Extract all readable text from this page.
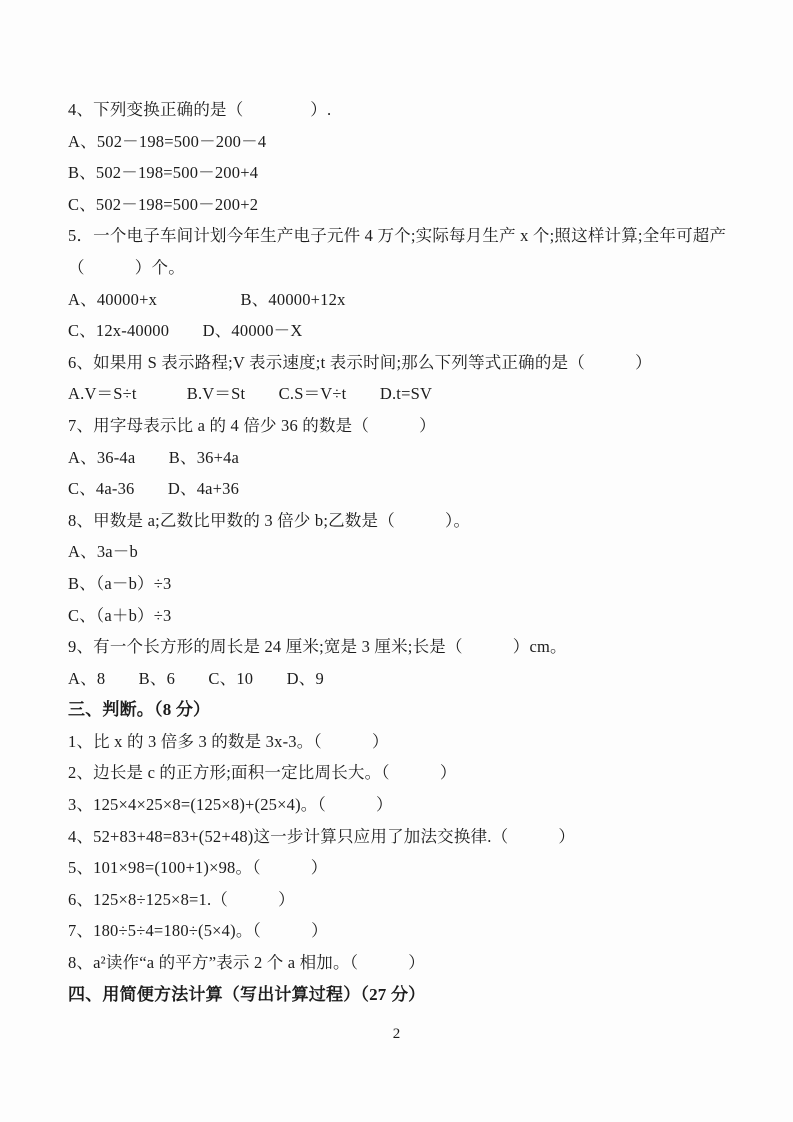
4、下列变换正确的是（　　　　）.
A、502－198=500－200－4
B、502－198=500－200+4
C、502－198=500－200+2
5．一个电子车间计划今年生产电子元件 4 万个;实际每月生产 x 个;照这样计算;全年可超产
（　　　）个。
A、40000+x　　　　　B、40000+12x
C、12x-40000　　D、40000－X
6、如果用 S 表示路程;V 表示速度;t 表示时间;那么下列等式正确的是（　　　）
A.V＝S÷t　　　B.V＝St　　C.S＝V÷t　　D.t=SV
7、用字母表示比 a 的 4 倍少 36 的数是（　　　）
A、36-4a　　B、36+4a
C、4a-36　　D、4a+36
8、甲数是 a;乙数比甲数的 3 倍少 b;乙数是（　　　）。
A、3a－b
B、（a－b）÷3
C、（a＋b）÷3
9、有一个长方形的周长是 24 厘米;宽是 3 厘米;长是（　　　）cm。
A、8　　B、6　　C、10　　D、9
三、判断。（8 分）
1、比 x 的 3 倍多 3 的数是 3x-3。（　　　）
2、边长是 c 的正方形;面积一定比周长大。（　　　）
3、125×4×25×8=(125×8)+(25×4)。（　　　）
4、52+83+48=83+(52+48)这一步计算只应用了加法交换律.（　　　）
5、101×98=(100+1)×98。（　　　）
6、125×8÷125×8=1.（　　　）
7、180÷5÷4=180÷(5×4)。（　　　）
8、a²读作“a 的平方”表示 2 个 a 相加。（　　　）
四、用简便方法计算（写出计算过程）（27 分）
2
